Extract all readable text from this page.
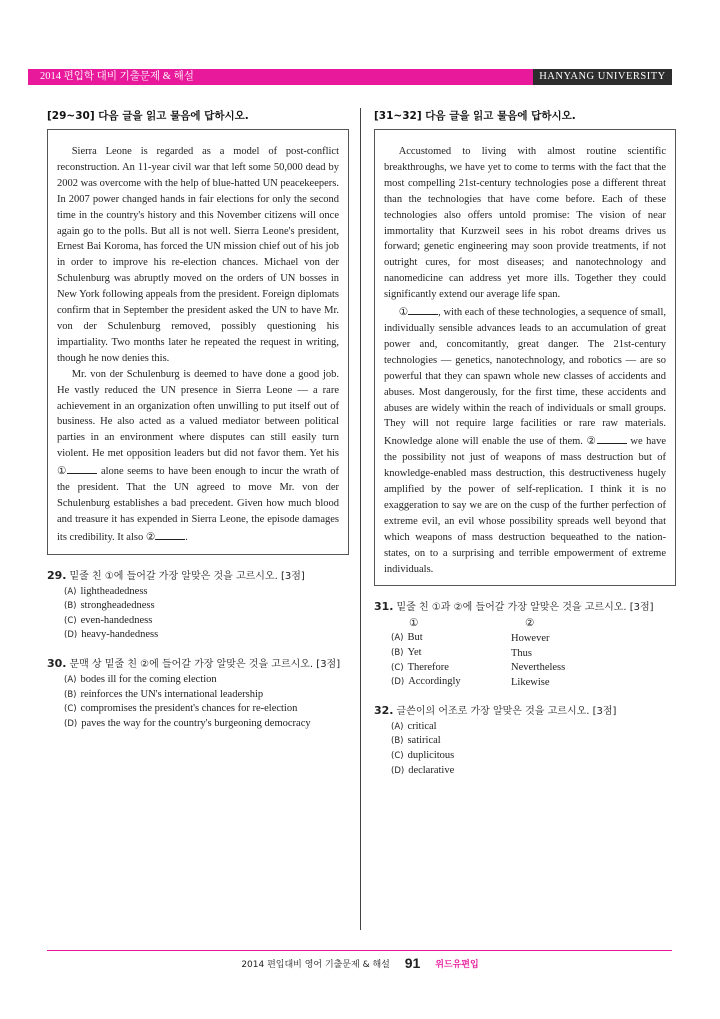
2014 편입학 대비 기출문제 & 해설	HANYANG UNIVERSITY
[29~30] 다음 글을 읽고 물음에 답하시오.

Sierra Leone is regarded as a model of post-conflict reconstruction. An 11-year civil war that left some 50,000 dead by 2002 was overcome with the help of blue-hatted UN peacekeepers. In 2007 power changed hands in fair elections for only the second time in the country's history and this November citizens will once again go to the polls. But all is not well. Sierra Leone's president, Ernest Bai Koroma, has forced the UN mission chief out of his job in order to improve his re-election chances. Michael von der Schulenburg was abruptly moved on the orders of UN bosses in New York following appeals from the president. Foreign diplomats confirm that in September the president asked the UN to have Mr. von der Schulenburg removed, possibly questioning his impartiality. Two months later he repeated the request in writing, though he now denies this.

Mr. von der Schulenburg is deemed to have done a good job. He vastly reduced the UN presence in Sierra Leone — a rare achievement in an organization often unwilling to put itself out of business. He also acted as a valued mediator between political parties in an environment where disputes can still easily turn violent. He met opposition leaders but did not favor them. Yet his ①	alone seems to have been enough to incur the wrath of the president. That the UN agreed to move Mr. von der Schulenburg establishes a bad precedent. Given how much blood and treasure it has expended in Sierra Leone, the episode damages its credibility. It also ②	.

29. 밑줄 친 ①에 들어갈 가장 알맞은 것을 고르시오. [3점]
(A) lightheadedness
(B) strongheadedness
(C) even-handedness
(D) heavy-handedness
30. 문맥 상 밑줄 친 ②에 들어갈 가장 알맞은 것을 고르시오. [3점]
(A) bodes ill for the coming election
(B) reinforces the UN's international leadership
(C) compromises the president's chances for re-election
(D) paves the way for the country's burgeoning democracy
[31~32] 다음 글을 읽고 물음에 답하시오.

Accustomed to living with almost routine scientific breakthroughs, we have yet to come to terms with the fact that the most compelling 21st-century technologies pose a different threat than the technologies that have come before. Each of these technologies also offers untold promise: The vision of near immortality that Kurzweil sees in his robot dreams drives us forward; genetic engineering may soon provide treatments, if not outright cures, for most diseases; and nanotechnology and nanomedicine can address yet more ills. Together they could significantly extend our average life span.

①	, with each of these technologies, a sequence of small, individually sensible advances leads to an accumulation of great power and, concomitantly, great danger. The 21st-century technologies — genetics, nanotechnology, and robotics — are so powerful that they can spawn whole new classes of accidents and abuses. Most dangerously, for the first time, these accidents and abuses are widely within the reach of individuals or small groups. They will not require large facilities or rare raw materials. Knowledge alone will enable the use of them. ②	we have the possibility not just of weapons of mass destruction but of knowledge-enabled mass destruction, this destructiveness hugely amplified by the power of self-replication. I think it is no exaggeration to say we are on the cusp of the further perfection of extreme evil, an evil whose possibility spreads well beyond that which weapons of mass destruction bequeathed to the nation-states, on to a surprising and terrible empowerment of extreme individuals.

31. 밑줄 친 ①과 ②에 들어갈 가장 알맞은 것을 고르시오. [3점]
①	②
(A) But	However
(B) Yet	Thus
(C) Therefore	Nevertheless
(D) Accordingly	Likewise
32. 글쓴이의 어조로 가장 알맞은 것을 고르시오. [3점]
(A) critical
(B) satirical
(C) duplicitous
(D) declarative
2014 편입대비 영어 기출문제 & 해설 91 위드유편입
